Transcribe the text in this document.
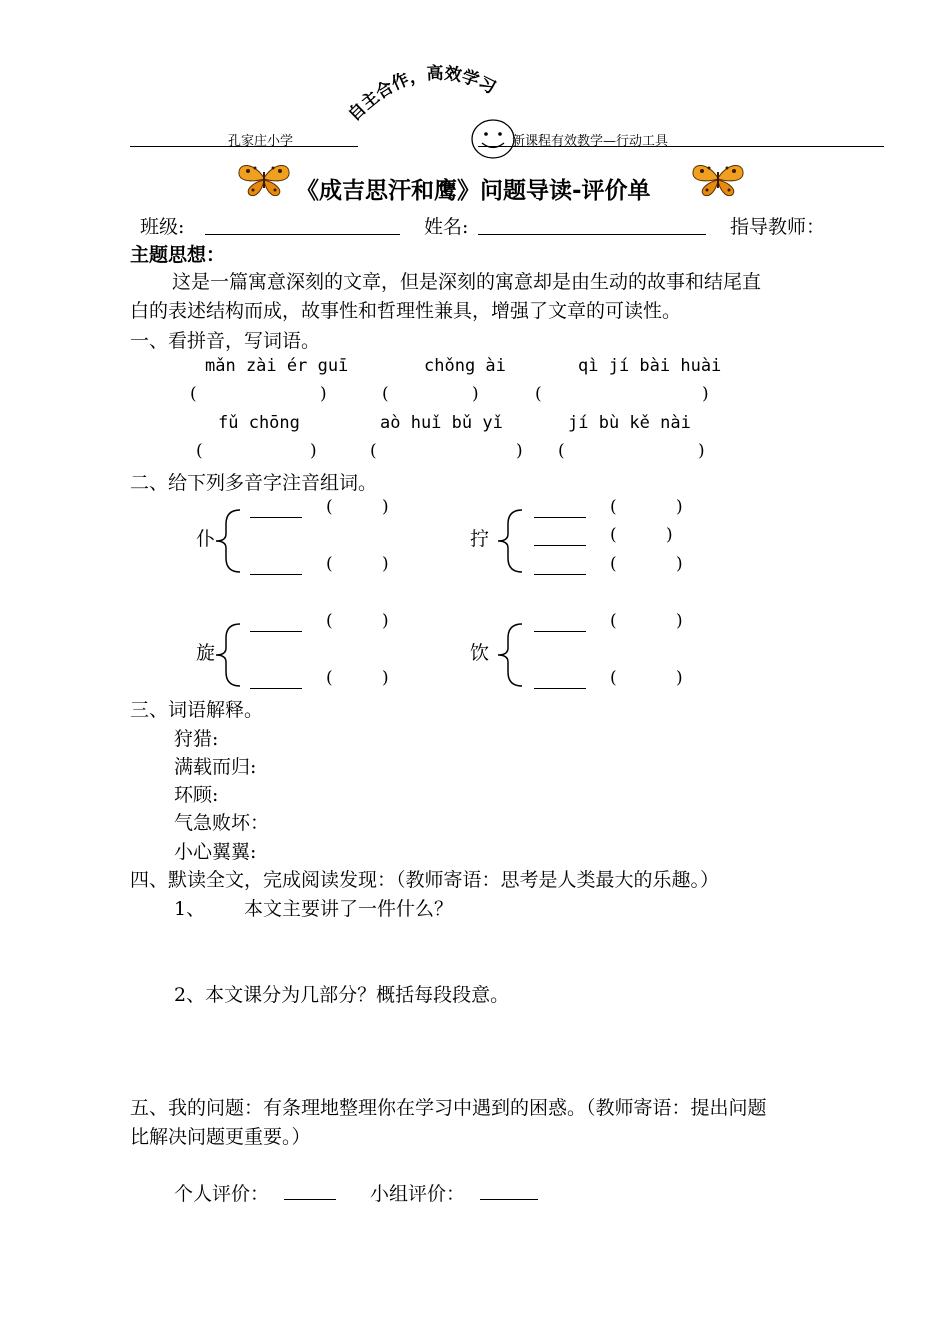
自主合作，高效学习
孔家庄小学	新课程有效教学—行动工具
《成吉思汗和鹰》问题导读-评价单
班级:	姓名:	指导教师：
主题思想：
这是一篇寓意深刻的文章，但是深刻的寓意却是由生动的故事和结尾直
白的表述结构而成，故事性和哲理性兼具，增强了文章的可读性。
一、看拼音，写词语。
mǎn zài ér guī	chǒng ài	qì jí bài huài
(	)	(	)	(	)
fǔ chōng	aò huǐ bǔ yǐ	jí bù kě nài
(	)	(	) (	)
二、给下列多音字注音组词。
仆
(	)
(	)
拧
(	)
(	)
(	)
旋
(	)
(	)
饮
(	)
(	)
三、词语解释。
狩猎:
满载而归:
环顾:
气急败坏：
小心翼翼:
四、默读全文，完成阅读发现：（教师寄语：思考是人类最大的乐趣。）
1、 本文主要讲了一件什么？
2、本文课分为几部分？概括每段段意。
五、我的问题：有条理地整理你在学习中遇到的困惑。（教师寄语：提出问题
比解决问题更重要。）
个人评价：	小组评价：
